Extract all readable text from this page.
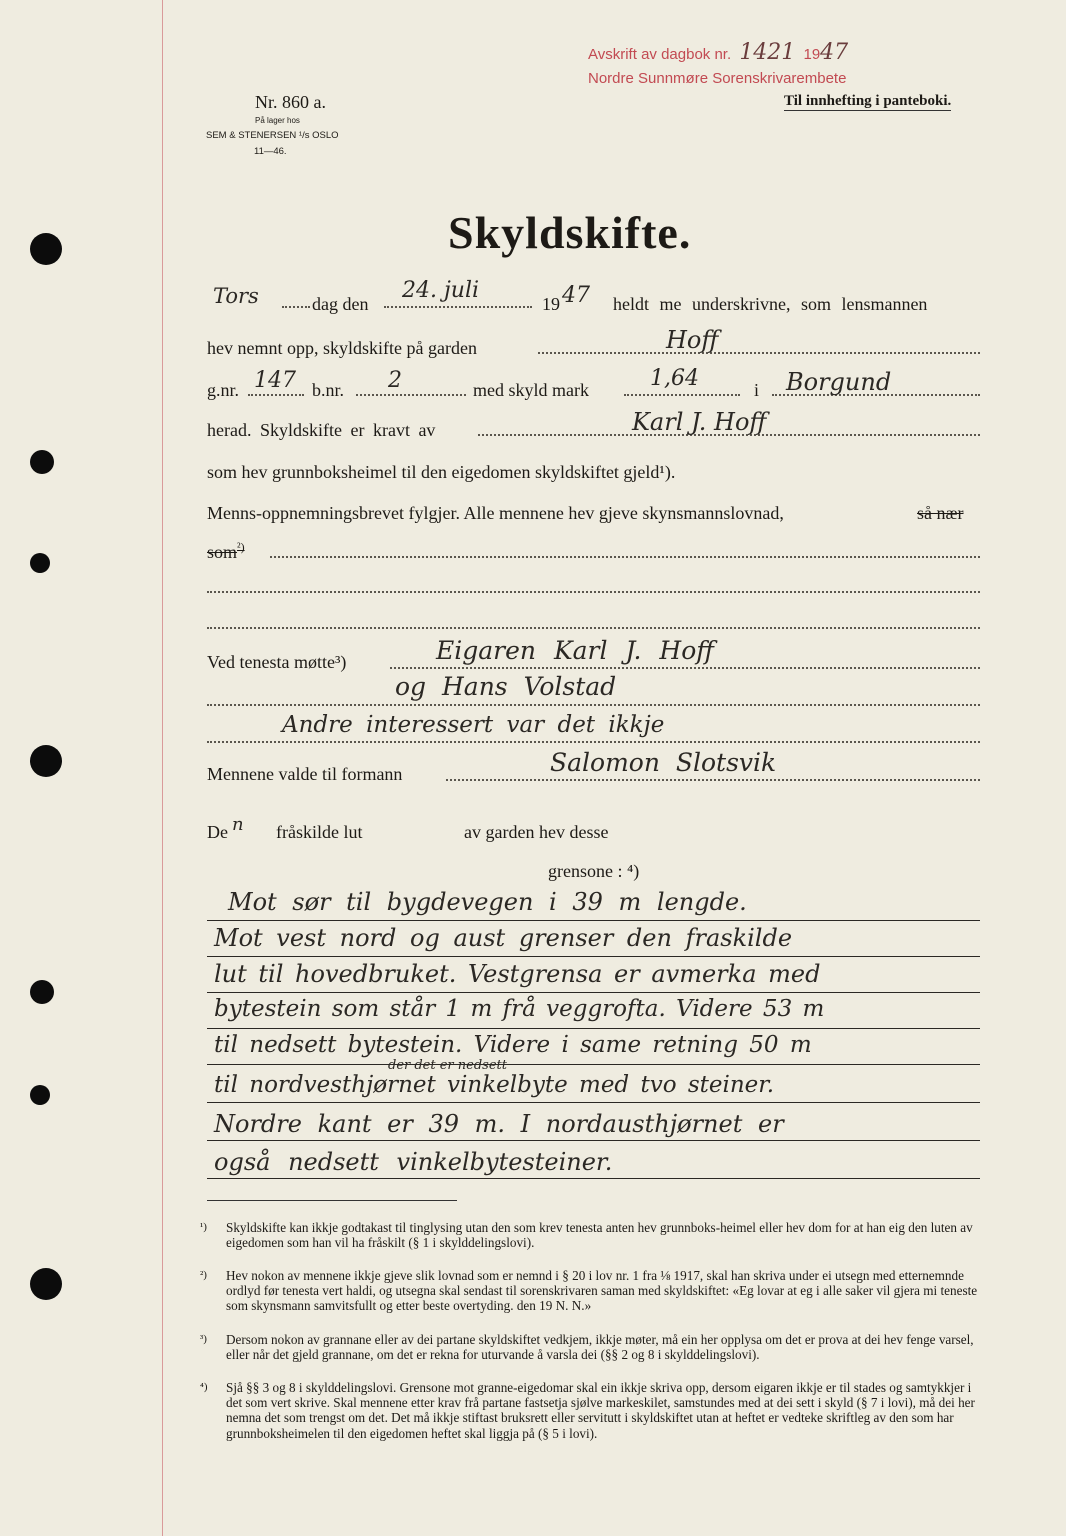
Avskrift av dagbok nr. 1421 1947
Nordre Sunnmøre Sorenskrivarembete
Nr. 860 a.
På lager hos
SEM & STENERSEN ¹/s OSLO
11—46.
Til innhefting i panteboki.
Skyldskifte.
Tors	dag den
24. juli
19 47 heldt me underskrivne, som lensmannen
hev nemnt opp, skyldskifte på garden	Hoff
g.nr. 147 b.nr. 2	med skyld mark	1,64	i Borgund
herad. Skyldskifte er kravt av	Karl J. Hoff
som hev grunnboksheimel til den eigedomen skyldskiftet gjeld¹).
Menns-oppnemningsbrevet fylgjer. Alle mennene hev gjeve skynsmannslovnad,	så nær
som$^{^2)}$
Ved tenesta møtte³)	Eigaren Karl J. Hoff
og Hans Volstad
Andre interessert var det ikkje
Mennene valde til formann	Salomon Slotsvik
De n fråskilde lut	av garden hev desse
grensone : ⁴)
Mot sør til bygdevegen i 39 m lengde.
Mot vest nord og aust grenser den fraskilde
lut til hovedbruket. Vestgrensa er avmerka med
bytestein som står 1 m frå veggrofta. Videre 53 m
til nedsett bytestein. Videre i same retning 50 m
der det er nedsett
til nordvesthjørnet vinkelbyte med tvo steiner.
Nordre kant er 39 m. I nordausthjørnet er
også nedsett vinkelbytesteiner.
¹) Skyldskifte kan ikkje godtakast til tinglysing utan den som krev tenesta anten hev grunnboks-heimel eller hev dom for at han eig den luten av eigedomen som han vil ha fråskilt (§ 1 i skylddelingslovi).
²) Hev nokon av mennene ikkje gjeve slik lovnad som er nemnd i § 20 i lov nr. 1 fra ⅛ 1917, skal han skriva under ei utsegn med etternemnde ordlyd før tenesta vert haldi, og utsegna skal sendast til sorenskrivaren saman med skyldskiftet: «Eg lovar at eg i alle saker vil gjera mi teneste som skynsmann samvitsfullt og etter beste overtyding. den 19 N. N.»
³) Dersom nokon av grannane eller av dei partane skyldskiftet vedkjem, ikkje møter, må ein her opplysa om det er prova at dei hev fenge varsel, eller når det gjeld grannane, om det er rekna for uturvande å varsla dei (§§ 2 og 8 i skylddelingslovi).
⁴) Sjå §§ 3 og 8 i skylddelingslovi. Grensone mot granne-eigedomar skal ein ikkje skriva opp, dersom eigaren ikkje er til stades og samtykkjer i det som vert skrive. Skal mennene etter krav frå partane fastsetja sjølve markeskilet, samstundes med at dei sett i skyld (§ 7 i lovi), må dei her nemna det som trengst om det. Det må ikkje stiftast bruksrett eller servitutt i skyldskiftet utan at heftet er vedteke skriftleg av den som har grunnboksheimelen til den eigedomen heftet skal liggja på (§ 5 i lovi).
